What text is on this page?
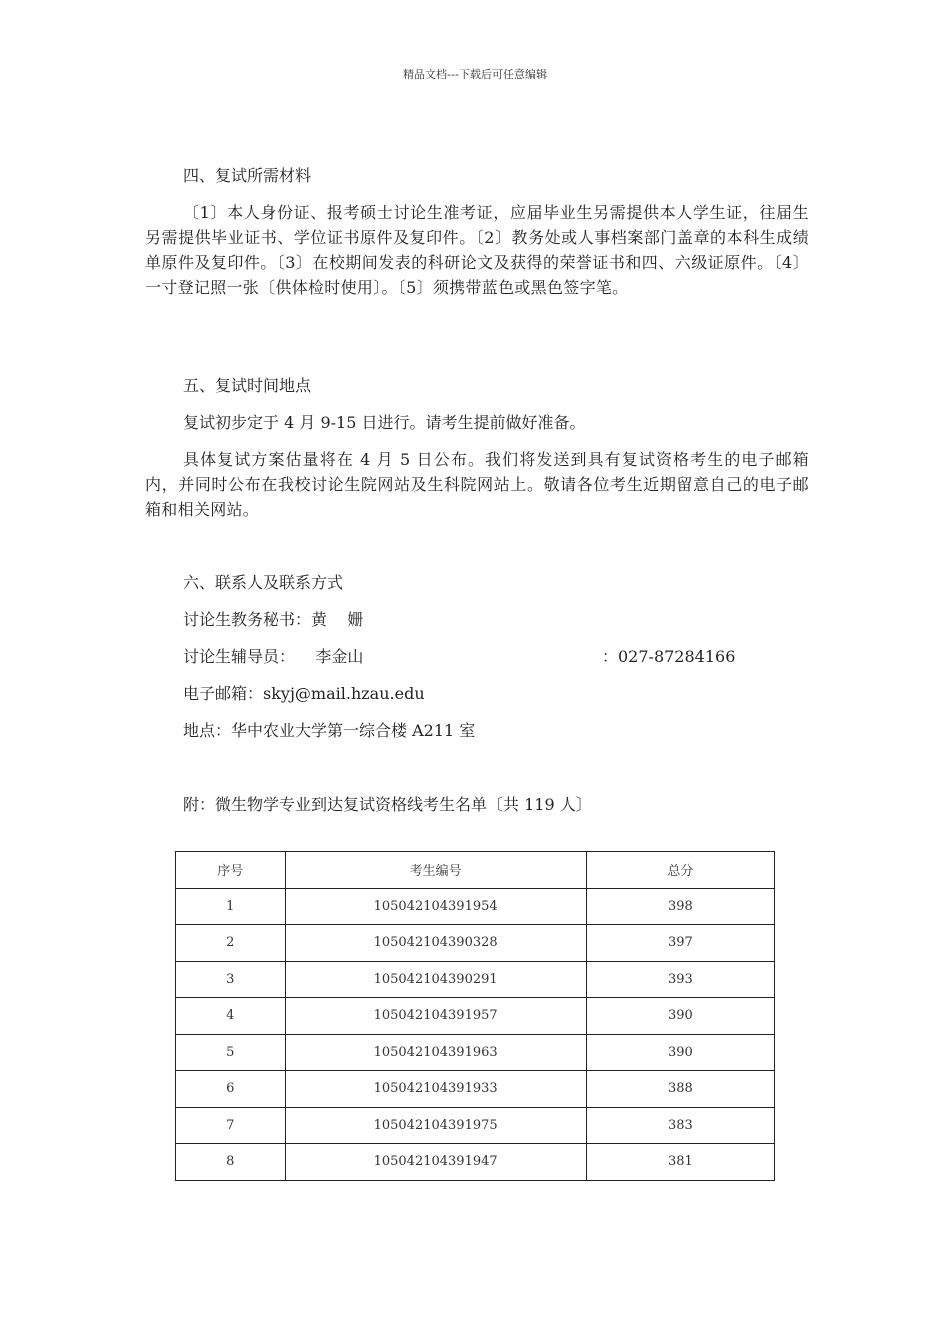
精品文档---下载后可任意编辑
四、复试所需材料
〔1〕本人身份证、报考硕士讨论生准考证，应届毕业生另需提供本人学生证，往届生另需提供毕业证书、学位证书原件及复印件。〔2〕教务处或人事档案部门盖章的本科生成绩单原件及复印件。〔3〕在校期间发表的科研论文及获得的荣誉证书和四、六级证原件。〔4〕一寸登记照一张〔供体检时使用〕。〔5〕须携带蓝色或黑色签字笔。
五、复试时间地点
复试初步定于 4 月 9-15 日进行。请考生提前做好准备。
具体复试方案估量将在 4 月 5 日公布。我们将发送到具有复试资格考生的电子邮箱内，并同时公布在我校讨论生院网站及生科院网站上。敬请各位考生近期留意自己的电子邮箱和相关网站。
六、联系人及联系方式
讨论生教务秘书：黄    姗
讨论生辅导员：    李金山	：027-87284166
电子邮箱：skyj@mail.hzau.edu
地点：华中农业大学第一综合楼 A211 室
附：微生物学专业到达复试资格线考生名单〔共 119 人〕
序号	考生编号	总分
1	105042104391954	398
2	105042104390328	397
3	105042104390291	393
4	105042104391957	390
5	105042104391963	390
6	105042104391933	388
7	105042104391975	383
8	105042104391947	381
